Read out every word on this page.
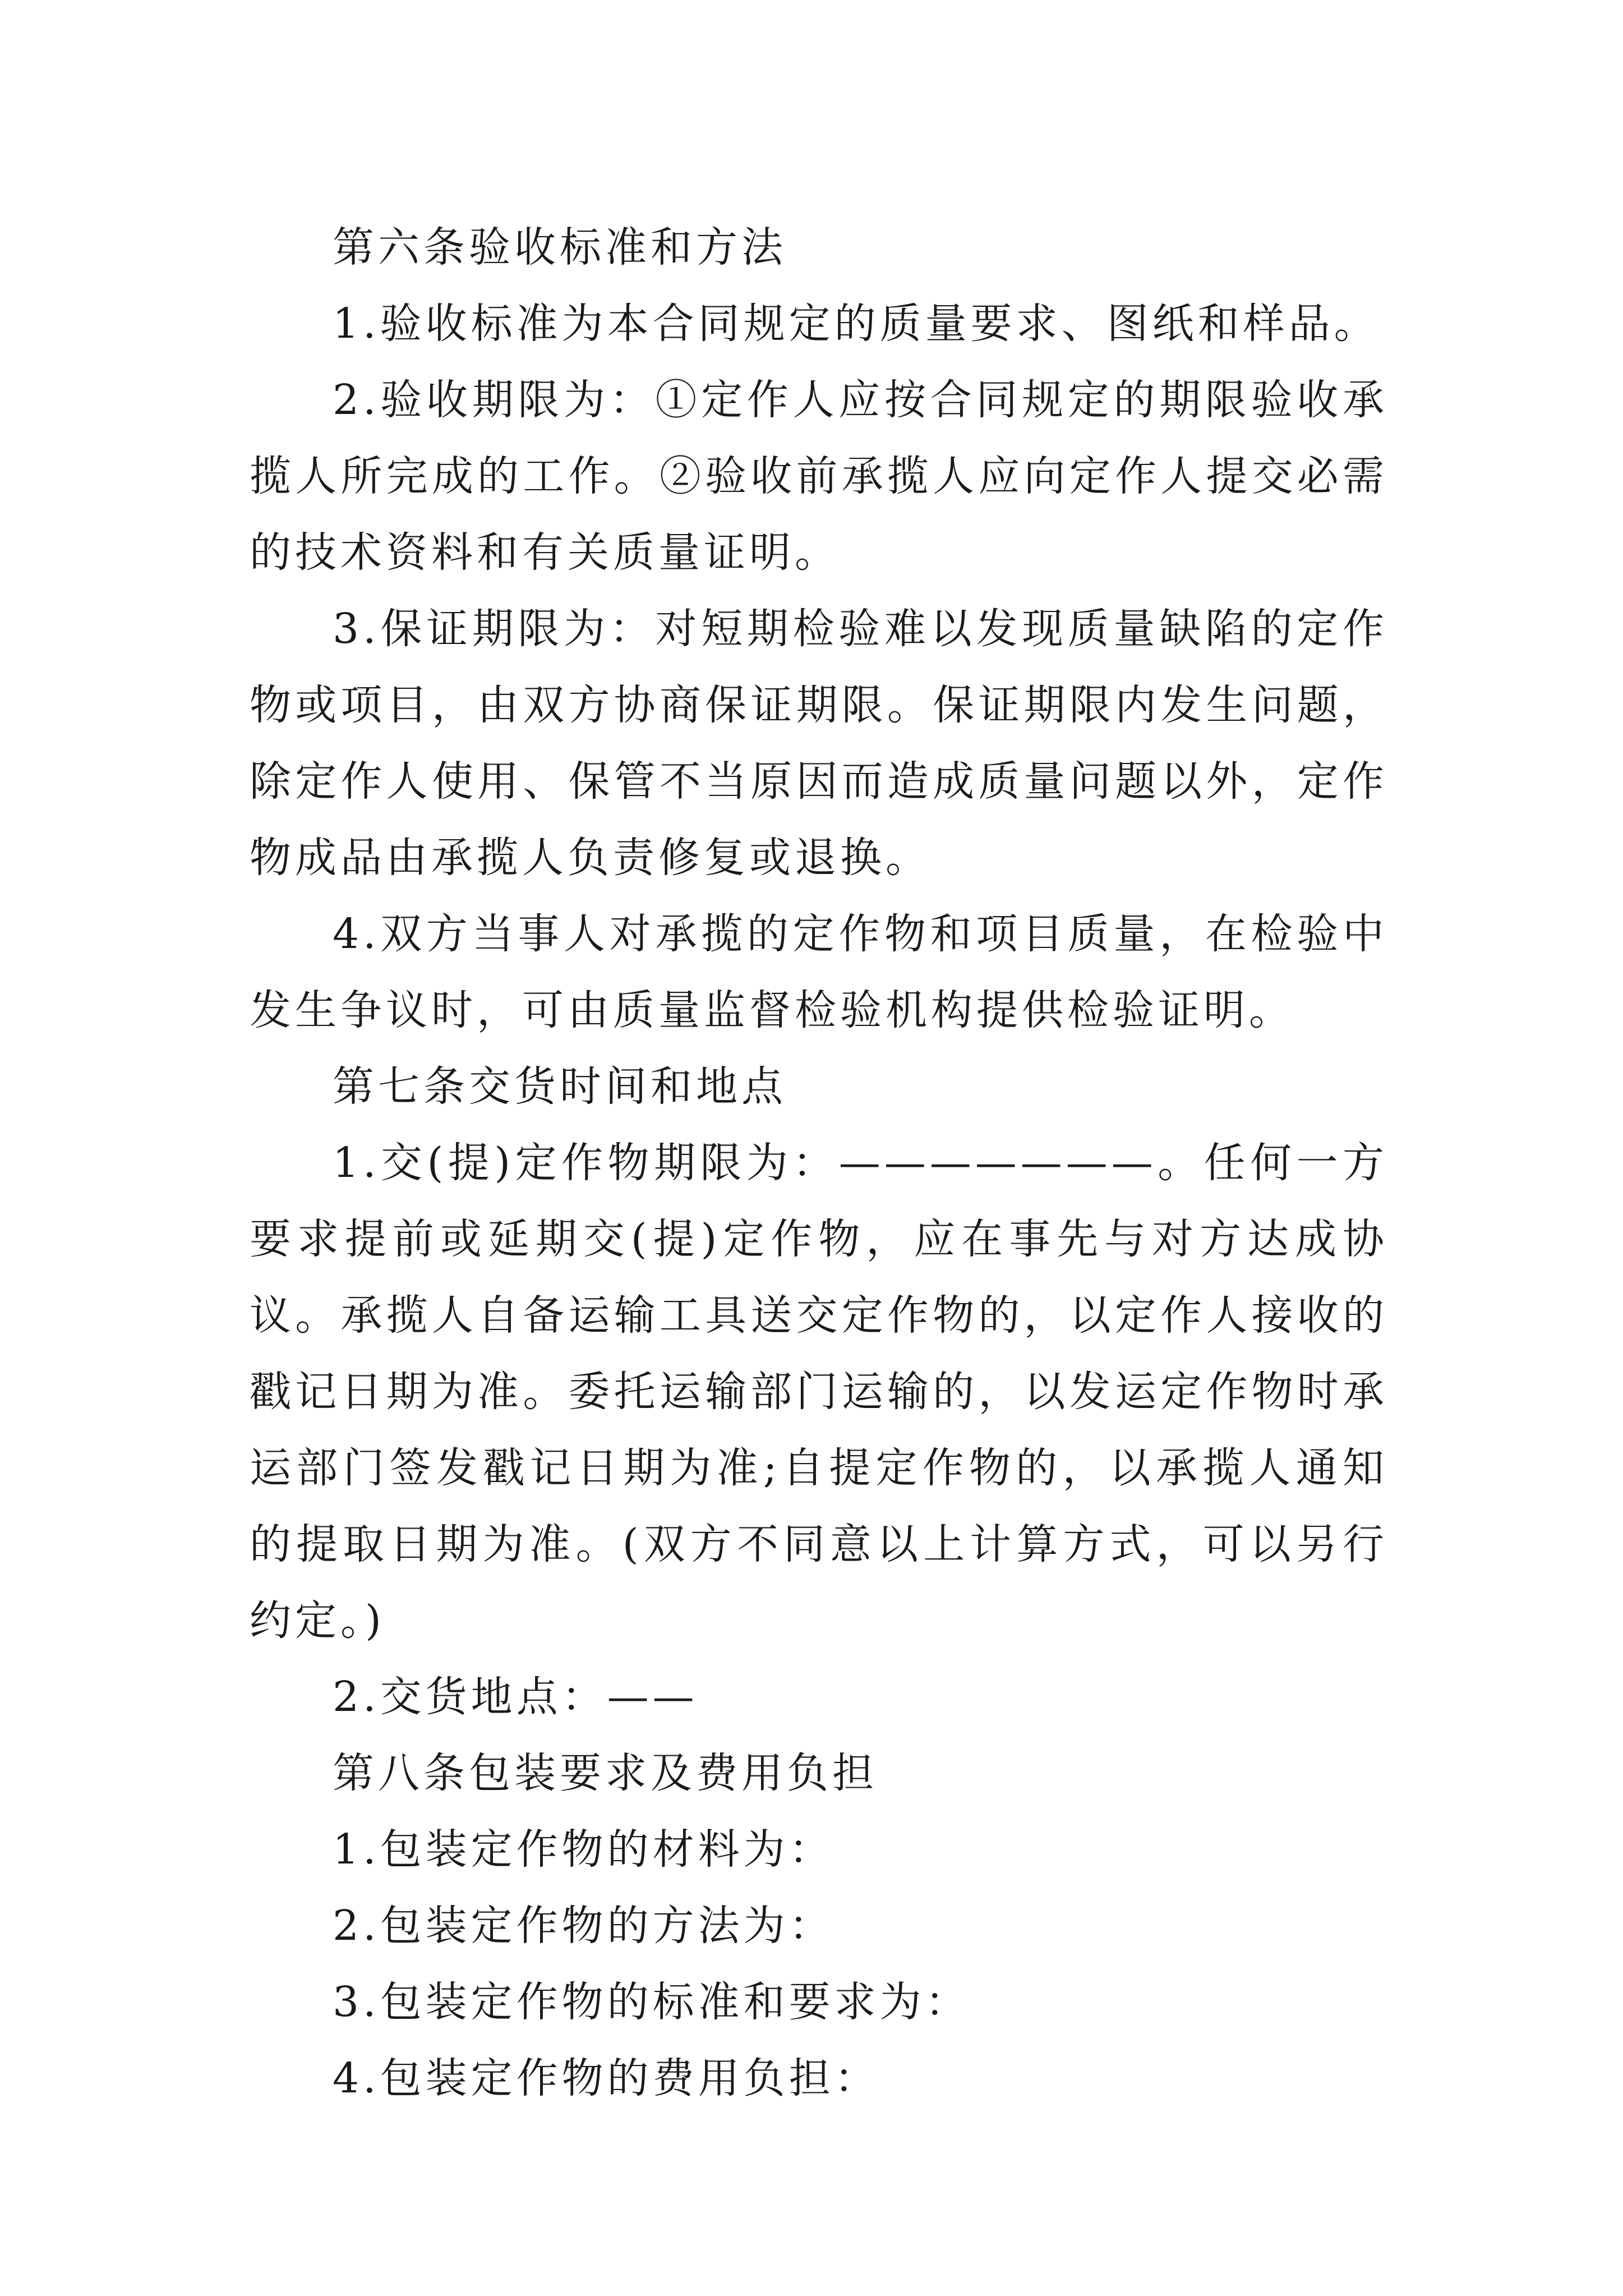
第六条验收标准和方法

1.验收标准为本合同规定的质量要求、图纸和样品。

2.验收期限为：①定作人应按合同规定的期限验收承揽人所完成的工作。②验收前承揽人应向定作人提交必需的技术资料和有关质量证明。

3.保证期限为：对短期检验难以发现质量缺陷的定作物或项目，由双方协商保证期限。保证期限内发生问题，除定作人使用、保管不当原因而造成质量问题以外，定作物成品由承揽人负责修复或退换。

4.双方当事人对承揽的定作物和项目质量，在检验中发生争议时，可由质量监督检验机构提供检验证明。

第七条交货时间和地点

1.交(提)定作物期限为：———————。任何一方要求提前或延期交(提)定作物，应在事先与对方达成协议。承揽人自备运输工具送交定作物的，以定作人接收的戳记日期为准。委托运输部门运输的，以发运定作物时承运部门签发戳记日期为准;自提定作物的，以承揽人通知的提取日期为准。(双方不同意以上计算方式，可以另行约定。)

2.交货地点：——

第八条包装要求及费用负担

1.包装定作物的材料为：

2.包装定作物的方法为：

3.包装定作物的标准和要求为：

4.包装定作物的费用负担：
